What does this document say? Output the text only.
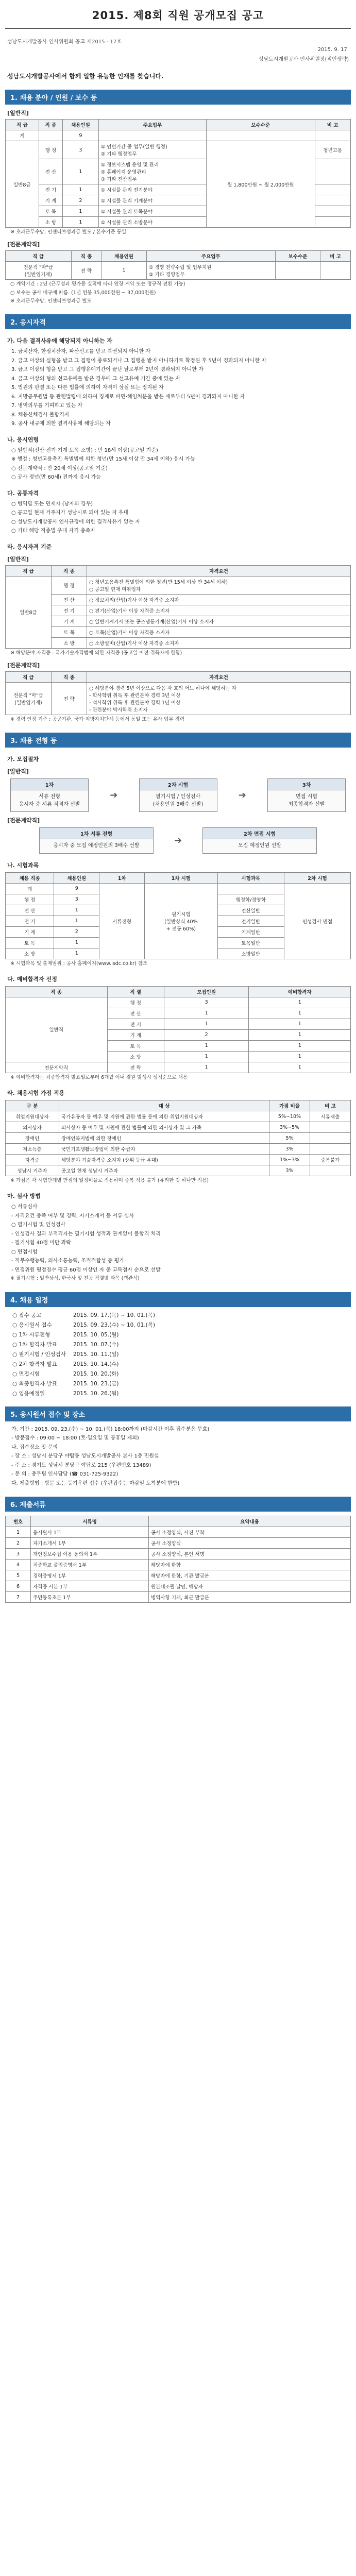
2015. 제8회 직원 공개모집 공고
성남도시개발공사 인사위원회 공고 제2015 - 17호
2015. 9. 17.
성남도시개발공사 인사위원장(직인생략)
성남도시개발공사에서 함께 일할 유능한 인재를 찾습니다.
1. 채용 분야 / 인원 / 보수 등
[일반직]
직 급	직 종	채용인원	주요업무	보수수준	비 고
계		9			
일반8급	행 정	3	① 인턴기간 중 업무(일반 행정)
② 기타 행정업무	월 1,800만원 ~ 월 2,000만원	청년고용
	전 산	1	① 정보시스템 운영 및 관리
② 홈페이지 운영관리
③ 기타 전산업무		
	전 기	1	① 시설물 관리 전기분야		
	기 계	2	① 시설물 관리 기계분야		
	토 목	1	① 시설물 관리 토목분야		
	소 방	1	① 시설물 관리 소방분야		
※ 초과근무수당, 인센티브성과금 별도 / 본수기준 동일
[전문계약직]
직 급	직 종	채용인원	주요업무	보수수준	비 고
전문직 "마"급
(일반임기제)	전 략	1	① 경영 전략수립 및 업무지원
② 기타 경영업무		
○ 계약기간 : 2년 (근무성과 평가등 실적에 따라 연장 계약 또는 정규직 전환 가능)
○ 보수는 공사 내규에 따름. (1년 연봉 35,000천원 ~ 37,000천원)
※ 초과근무수당, 인센티브성과금 별도
2. 응시자격
가. 다음 결격사유에 해당되지 아니하는 자
1. 금치산자, 한정치산자, 파산선고를 받고 복권되지 아니한 자
2. 금고 이상의 실형을 받고 그 집행이 종료되거나 그 집행을 받지 아니하기로 확정된 후 5년이 경과되지 아니한 자
3. 금고 이상의 형을 받고 그 집행유예기간이 끝난 날로부터 2년이 경과되지 아니한 자
4. 금고 이상의 형의 선고유예를 받은 경우에 그 선고유예 기간 중에 있는 자
5. 법원의 판결 또는 다른 법률에 의하여 자격이 상실 또는 정지된 자
6. 지방공무원법 등 관련법령에 의하여 징계로 파면·해임처분을 받은 때로부터 5년이 경과되지 아니한 자
7. 병역의무를 기피하고 있는 자
8. 채용신체검사 불합격자
9. 공사 내규에 의한 결격사유에 해당되는 자
나. 응시연령
○ 일반직(전산·전기·기계·토목·소방) : 만 18세 이상(공고일 기준)
※ 행정 : 청년고용촉진 특별법에 의한 청년(만 15세 이상 만 34세 이하) 응시 가능
○ 전문계약직 : 만 20세 이상(공고일 기준)
○ 공사 정년(만 60세) 전까지 응시 가능
다. 공통자격
○ 병역필 또는 면제자 (남자의 경우)
○ 공고일 현재 거주지가 성남시로 되어 있는 자 우대
○ 성남도시개발공사 인사규정에 의한 결격사유가 없는 자
○ 기타 해당 직종별 우대 자격 충족자
라. 응시자격 기준
[일반직]
직 급	직 종	자격요건
일반8급	행 정	○ 청년고용촉진 특별법에 의한 청년(만 15세 이상 만 34세 이하)
○ 공고일 현재 미취업자
	전 산	○ 정보처리(산업)기사 이상 자격증 소지자
	전 기	○ 전기(산업)기사 이상 자격증 소지자
	기 계	○ 일반기계기사 또는 공조냉동기계(산업)기사 이상 소지자
	토 목	○ 토목(산업)기사 이상 자격증 소지자
	소 방	○ 소방설비(산업)기사 이상 자격증 소지자
※ 해당분야 자격증 : 국가기술자격법에 의한 자격증 (공고일 이전 취득자에 한함)
[전문계약직]
직 급	직 종	자격요건
전문직 "마"급
(일반임기제)	전 략	○ 해당분야 경력 5년 이상으로 다음 각 호의 어느 하나에 해당하는 자
- 학사학위 취득 후 관련분야 경력 3년 이상
- 석사학위 취득 후 관련분야 경력 1년 이상
- 관련분야 박사학위 소지자
※ 경력 인정 기준 : 공공기관, 국가·지방자치단체 등에서 동일 또는 유사 업무 경력
3. 채용 전형 등
가. 모집절차
[일반직]
1차
서류 전형
응시자 중 서류 적격자 선발
➔
2차 시험
필기시험 / 인성검사
(채용인원 3배수 선발)
➔
3차
면접 시험
최종합격자 선발
[전문계약직]
1차 서류 전형
응시자 중 모집 예정인원의 3배수 선발	➔
2차 면접 시험
모집 예정인원 선발
나. 시험과목
채용 직종	채용인원	1차	1차 시험	시험과목	2차 시험
계	9	서류전형	필기시험
(일반상식 40%
+ 전공 60%)		인성검사 면접
행 정	3			행정학/경영학	
전 산	1			전산일반	
전 기	1			전기일반	
기 계	2			기계일반	
토 목	1			토목일반	
소 방	1			소방일반	
※ 시험과목 및 출제범위 : 공사 홈페이지(www.isdc.co.kr) 참조
다. 예비합격자 선정
직 종	직 렬	모집인원	예비합격자
일반직	행 정	3	1
	전 산	1	1
	전 기	1	1
	기 계	2	1
	토 목	1	1
	소 방	1	1
전문계약직	전 략	1	1
※ 예비합격자는 최종합격자 발표일로부터 6개월 이내 결원 발생시 성적순으로 채용
라. 채용시험 가점 적용
구 분	대 상	가점 비율	비 고
취업지원대상자	국가유공자 등 예우 및 지원에 관한 법률 등에 의한 취업지원대상자	5%~10%	서류제출
의사상자	의사상자 등 예우 및 지원에 관한 법률에 의한 의사상자 및 그 가족	3%~5%	
장애인	장애인복지법에 의한 장애인	5%	
저소득층	국민기초생활보장법에 의한 수급자	3%	
자격증	해당분야 기술자격증 소지자 (상위 등급 우대)	1%~3%	중복불가
성남시 거주자	공고일 현재 성남시 거주자	3%	
※ 가점은 각 시험단계별 만점의 일정비율로 적용하며 중복 적용 불가 (유리한 것 하나만 적용)
마. 심사 방법
○ 서류심사
- 자격요건 충족 여부 및 경력, 자기소개서 등 서류 심사
○ 필기시험 및 인성검사
- 인성검사 결과 부적격자는 필기시험 성적과 관계없이 불합격 처리
- 필기시험 40점 미만 과락
○ 면접시험
- 직무수행능력, 의사소통능력, 조직적합성 등 평가
- 면접위원 평정점수 평균 60점 이상인 자 중 고득점자 순으로 선발
※ 필기시험 : 일반상식, 한국사 및 전공 직렬별 과목 (객관식)
4. 채용 일정
○ 접수 공고	2015. 09. 17.(목) ~ 10. 01.(목)
○ 응시원서 접수	2015. 09. 23.(수) ~ 10. 01.(목)
○ 1차 서류전형	2015. 10. 05.(월)
○ 1차 합격자 발표	2015. 10. 07.(수)
○ 필기시험 / 인성검사 2015. 10. 11.(일)
○ 2차 합격자 발표	2015. 10. 14.(수)
○ 면접시험	2015. 10. 20.(화)
○ 최종합격자 발표	2015. 10. 23.(금)
○ 임용예정일	2015. 10. 26.(월)
5. 응시원서 접수 및 장소
가. 기간 : 2015. 09. 23.(수) ~ 10. 01.(목) 18:00까지 (마감시간 이후 접수분은 무효)
- 방문접수 : 09:00 ~ 18:00 (토·일요일 및 공휴일 제외)
나. 접수장소 및 문의
- 장 소 : 성남시 분당구 야탑동 성남도시개발공사 본사 1층 민원실
- 주 소 : 경기도 성남시 분당구 야탑로 215 (우편번호 13489)
- 문 의 : 총무팀 인사담당 (☎ 031-725-9322)
다. 제출방법 : 방문 또는 등기우편 접수 (우편접수는 마감일 도착분에 한함)
6. 제출서류
번호	서류명	요약내용
1	응시원서 1부	공사 소정양식, 사진 부착
2	자기소개서 1부	공사 소정양식
3	개인정보수집·이용 동의서 1부	공사 소정양식, 본인 서명
4	최종학교 졸업증명서 1부	해당자에 한함
5	경력증명서 1부	해당자에 한함, 기관 발급분
6	자격증 사본 1부	원본대조필 날인, 해당자
7	주민등록초본 1부	병역사항 기재, 최근 발급분
